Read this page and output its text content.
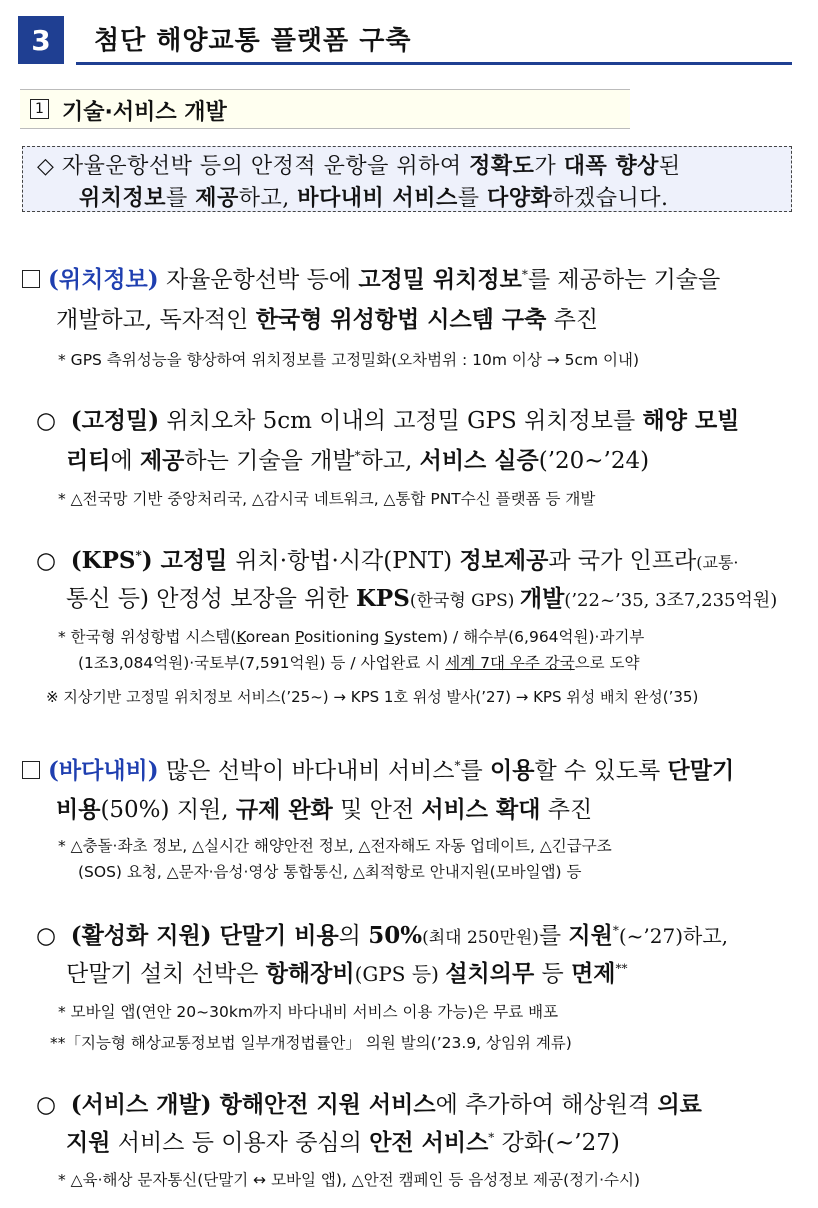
3	첨단 해양교통 플랫폼 구축
1 기술·서비스 개발
◇ 자율운항선박 등의 안정적 운항을 위하여 정확도가 대폭 향상된
위치정보를 제공하고, 바다내비 서비스를 다양화하겠습니다.
(위치정보) 자율운항선박 등에 고정밀 위치정보*를 제공하는 기술을
개발하고, 독자적인 한국형 위성항법 시스템 구축 추진
* GPS 측위성능을 향상하여 위치정보를 고정밀화(오차범위 : 10m 이상 → 5cm 이내)
○ (고정밀) 위치오차 5cm 이내의 고정밀 GPS 위치정보를 해양 모빌
리티에 제공하는 기술을 개발*하고, 서비스 실증(’20~’24)
* △전국망 기반 중앙처리국, △감시국 네트워크, △통합 PNT수신 플랫폼 등 개발
○ (KPS*) 고정밀 위치·항법·시각(PNT) 정보제공과 국가 인프라(교통·
통신 등) 안정성 보장을 위한 KPS(한국형 GPS) 개발(’22~’35, 3조7,235억원)
* 한국형 위성항법 시스템(Korean Positioning System) / 해수부(6,964억원)·과기부
(1조3,084억원)·국토부(7,591억원) 등 / 사업완료 시 세계 7대 우주 강국으로 도약
※ 지상기반 고정밀 위치정보 서비스(’25~) → KPS 1호 위성 발사(’27) → KPS 위성 배치 완성(’35)
(바다내비) 많은 선박이 바다내비 서비스*를 이용할 수 있도록 단말기
비용(50%) 지원, 규제 완화 및 안전 서비스 확대 추진
* △충돌·좌초 정보, △실시간 해양안전 정보, △전자해도 자동 업데이트, △긴급구조
(SOS) 요청, △문자·음성·영상 통합통신, △최적항로 안내지원(모바일앱) 등
○ (활성화 지원) 단말기 비용의 50%(최대 250만원)를 지원*(~’27)하고,
단말기 설치 선박은 항해장비(GPS 등) 설치의무 등 면제**
* 모바일 앱(연안 20~30km까지 바다내비 서비스 이용 가능)은 무료 배포
**「지능형 해상교통정보법 일부개정법률안」 의원 발의(’23.9, 상임위 계류)
○ (서비스 개발) 항해안전 지원 서비스에 추가하여 해상원격 의료
지원 서비스 등 이용자 중심의 안전 서비스* 강화(~’27)
* △육·해상 문자통신(단말기 ↔ 모바일 앱), △안전 캠페인 등 음성정보 제공(정기·수시)
